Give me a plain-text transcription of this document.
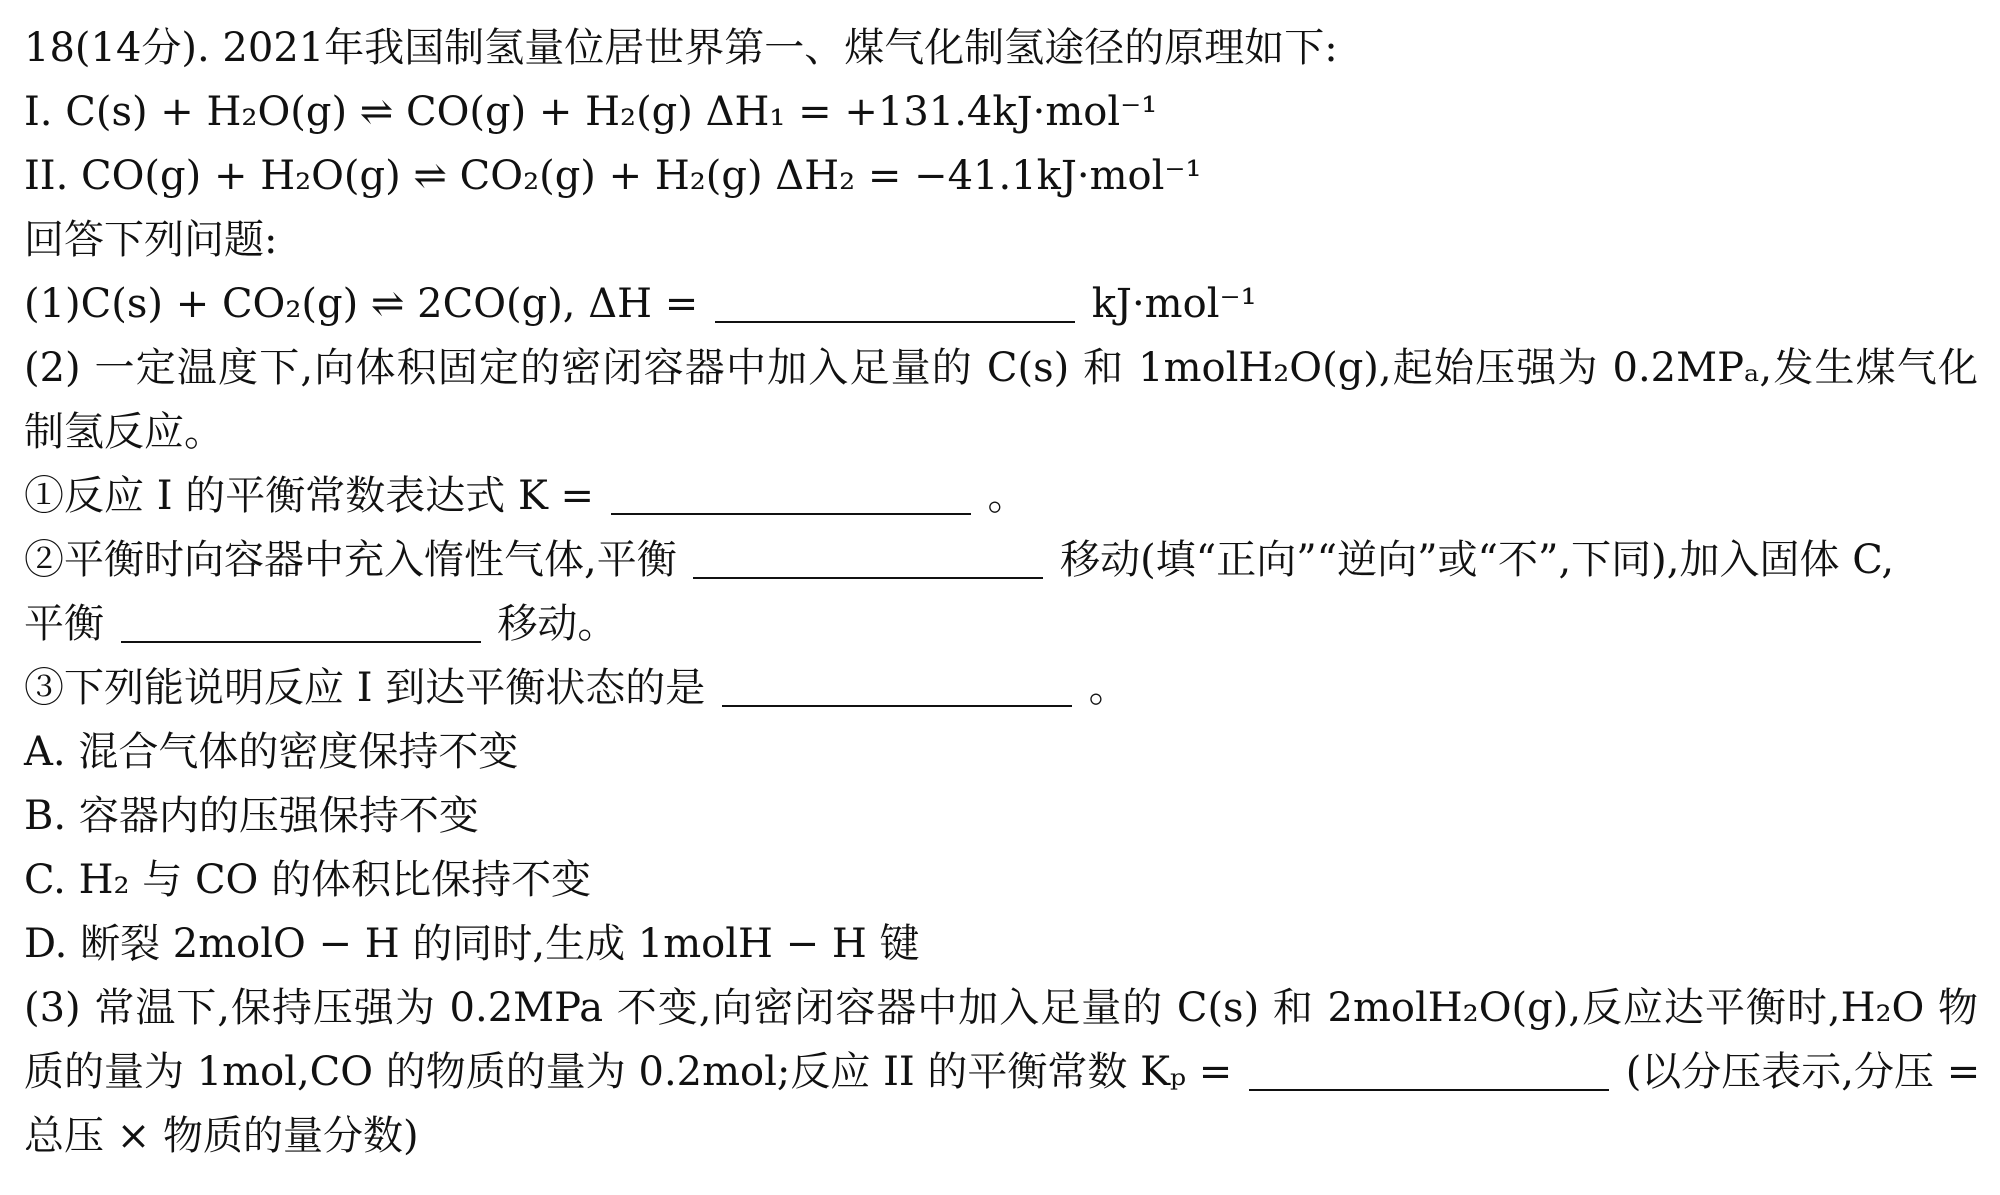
18(14分). 2021年我国制氢量位居世界第一、煤气化制氢途径的原理如下:
I. C(s) + H₂O(g) ⇌ CO(g) + H₂(g) ΔH₁ = +131.4kJ·mol⁻¹
II. CO(g) + H₂O(g) ⇌ CO₂(g) + H₂(g) ΔH₂ = −41.1kJ·mol⁻¹
回答下列问题:
(1)C(s) + CO₂(g) ⇌ 2CO(g), ΔH =	kJ·mol⁻¹
(2) 一定温度下,向体积固定的密闭容器中加入足量的 C(s) 和 1molH₂O(g),起始压强为 0.2MPₐ,发生煤气化
制氢反应。
①反应 I 的平衡常数表达式 K =	。
②平衡时向容器中充入惰性气体,平衡	移动(填“正向”“逆向”或“不”,下同),加入固体 C,
平衡	移动。
③下列能说明反应 I 到达平衡状态的是	。
A. 混合气体的密度保持不变
B. 容器内的压强保持不变
C. H₂ 与 CO 的体积比保持不变
D. 断裂 2molO − H 的同时,生成 1molH − H 键
(3) 常温下,保持压强为 0.2MPa 不变,向密闭容器中加入足量的 C(s) 和 2molH₂O(g),反应达平衡时,H₂O 物
质的量为 1mol,CO 的物质的量为 0.2mol;反应 II 的平衡常数 Kₚ =	(以分压表示,分压 =
总压 × 物质的量分数)
